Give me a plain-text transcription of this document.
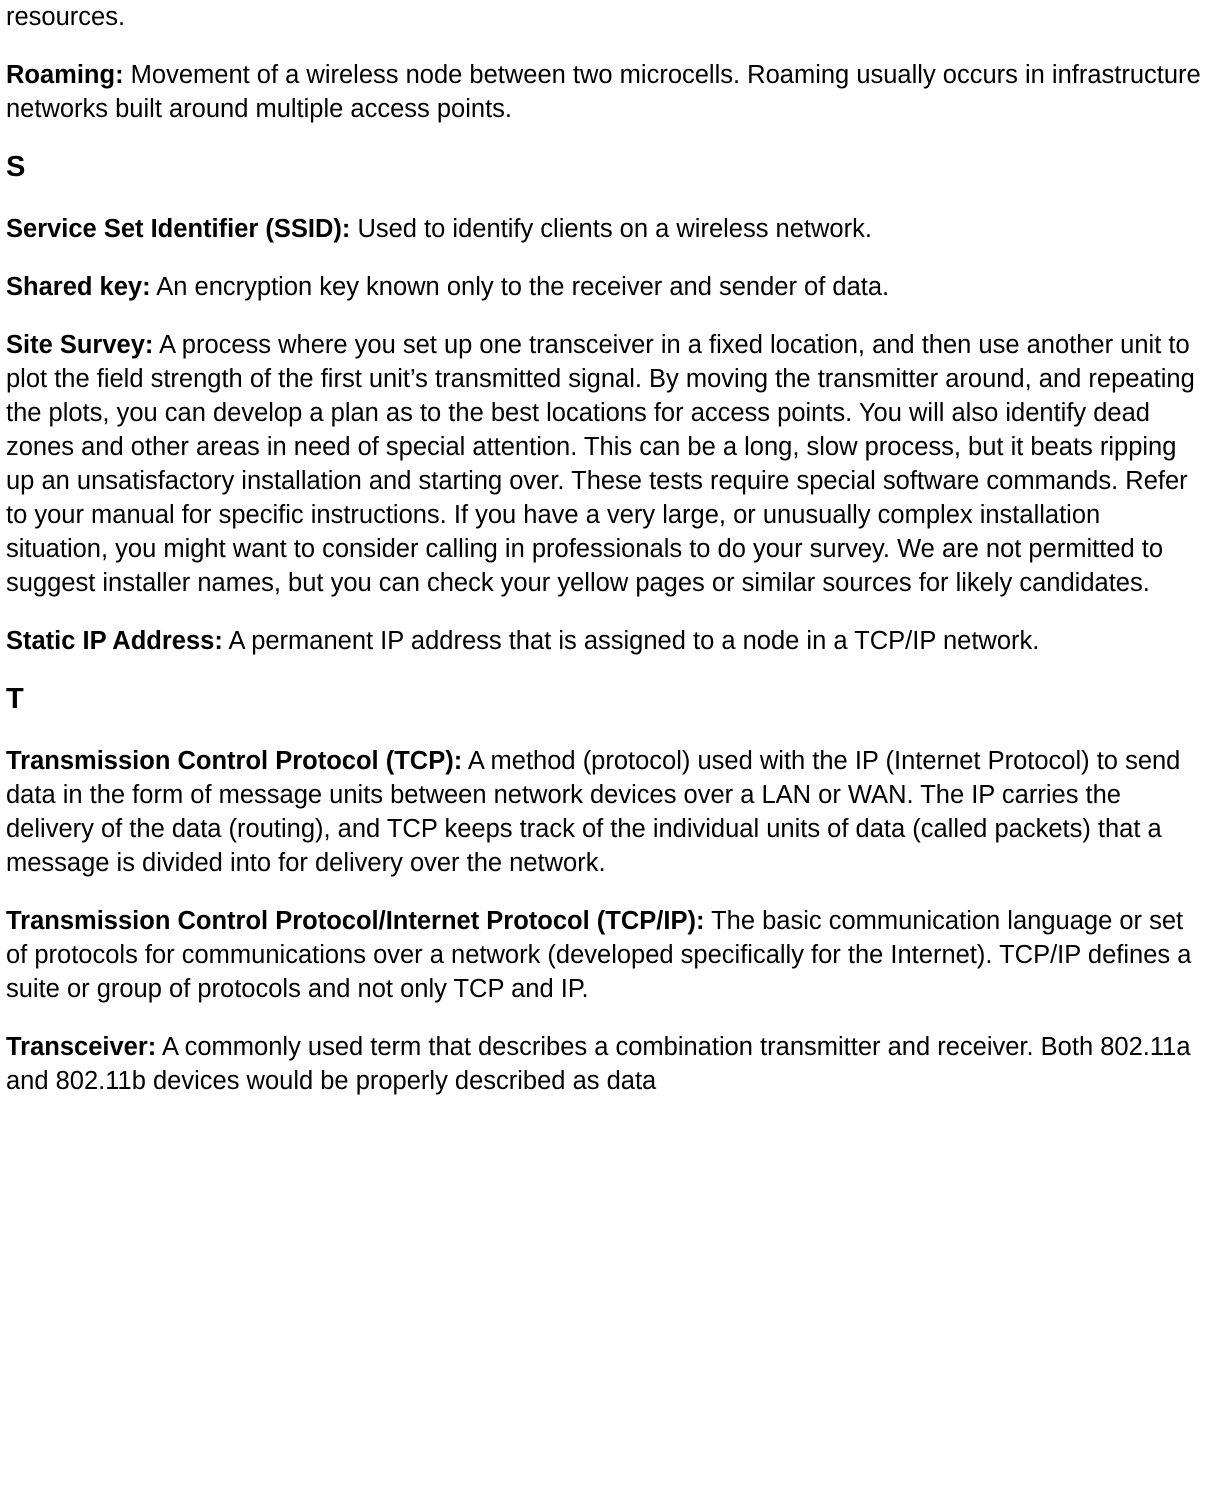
resources.

Roaming: Movement of a wireless node between two microcells. Roaming usually occurs in infrastructure networks built around multiple access points.

S

Service Set Identifier (SSID): Used to identify clients on a wireless network.

Shared key: An encryption key known only to the receiver and sender of data.

Site Survey: A process where you set up one transceiver in a fixed location, and then use another unit to plot the field strength of the first unit’s transmitted signal. By moving the transmitter around, and repeating the plots, you can develop a plan as to the best locations for access points. You will also identify dead zones and other areas in need of special attention. This can be a long, slow process, but it beats ripping up an unsatisfactory installation and starting over. These tests require special software commands. Refer to your manual for specific instructions. If you have a very large, or unusually complex installation situation, you might want to consider calling in professionals to do your survey. We are not permitted to suggest installer names, but you can check your yellow pages or similar sources for likely candidates.

Static IP Address: A permanent IP address that is assigned to a node in a TCP/IP network.

T

Transmission Control Protocol (TCP): A method (protocol) used with the IP (Internet Protocol) to send data in the form of message units between network devices over a LAN or WAN. The IP carries the delivery of the data (routing), and TCP keeps track of the individual units of data (called packets) that a message is divided into for delivery over the network.

Transmission Control Protocol/Internet Protocol (TCP/IP): The basic communication language or set of protocols for communications over a network (developed specifically for the Internet). TCP/IP defines a suite or group of protocols and not only TCP and IP.

Transceiver: A commonly used term that describes a combination transmitter and receiver. Both 802.11a and 802.11b devices would be properly described as data
